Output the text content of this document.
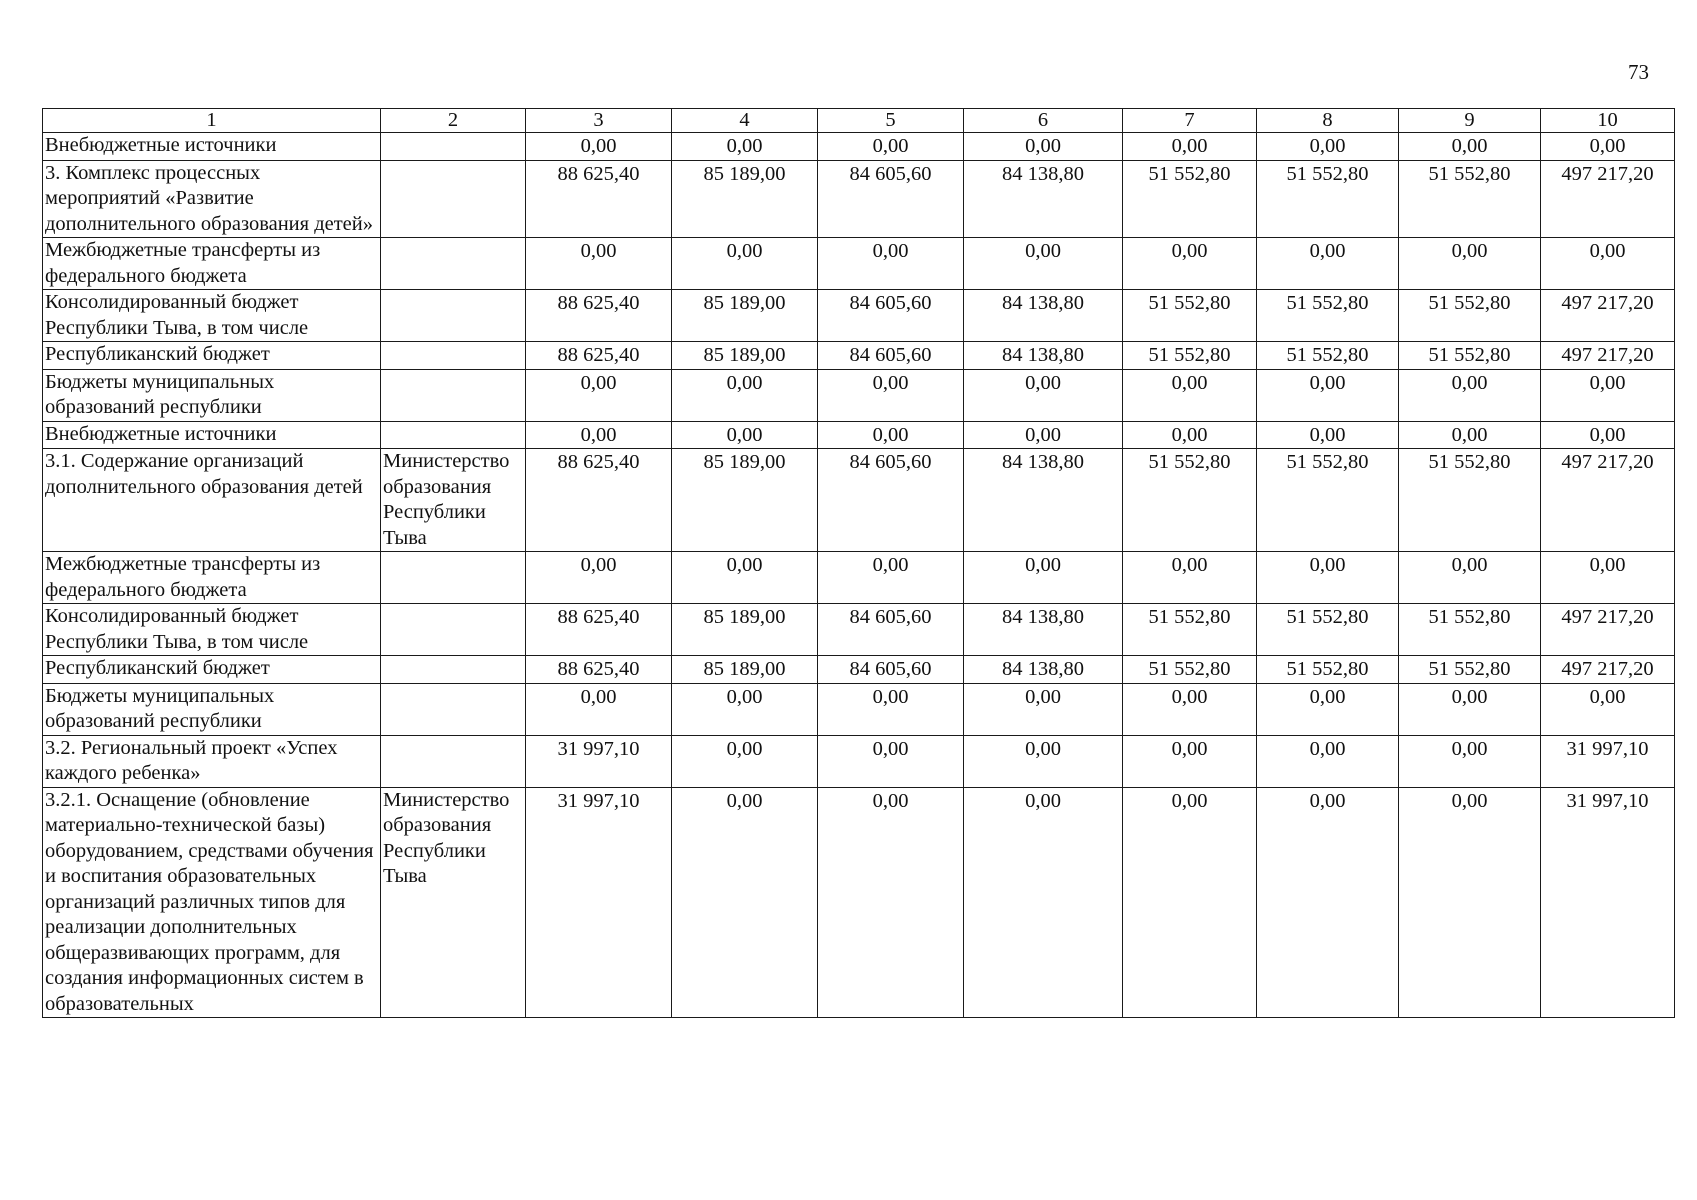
73
1	2	3	4	5	6	7	8	9	10
Внебюджетные источники		0,00	0,00	0,00	0,00	0,00	0,00	0,00	0,00
3. Комплекс процессных мероприятий «Развитие дополнительного образования детей»		88 625,40	85 189,00	84 605,60	84 138,80	51 552,80	51 552,80	51 552,80	497 217,20
Межбюджетные трансферты из федерального бюджета		0,00	0,00	0,00	0,00	0,00	0,00	0,00	0,00
Консолидированный бюджет Республики Тыва, в том числе		88 625,40	85 189,00	84 605,60	84 138,80	51 552,80	51 552,80	51 552,80	497 217,20
Республиканский бюджет		88 625,40	85 189,00	84 605,60	84 138,80	51 552,80	51 552,80	51 552,80	497 217,20
Бюджеты муниципальных образований республики		0,00	0,00	0,00	0,00	0,00	0,00	0,00	0,00
Внебюджетные источники		0,00	0,00	0,00	0,00	0,00	0,00	0,00	0,00
3.1. Содержание организаций дополнительного образования детей	Министерство образования Республики Тыва	88 625,40	85 189,00	84 605,60	84 138,80	51 552,80	51 552,80	51 552,80	497 217,20
Межбюджетные трансферты из федерального бюджета		0,00	0,00	0,00	0,00	0,00	0,00	0,00	0,00
Консолидированный бюджет Республики Тыва, в том числе		88 625,40	85 189,00	84 605,60	84 138,80	51 552,80	51 552,80	51 552,80	497 217,20
Республиканский бюджет		88 625,40	85 189,00	84 605,60	84 138,80	51 552,80	51 552,80	51 552,80	497 217,20
Бюджеты муниципальных образований республики		0,00	0,00	0,00	0,00	0,00	0,00	0,00	0,00
3.2. Региональный проект «Успех каждого ребенка»		31 997,10	0,00	0,00	0,00	0,00	0,00	0,00	31 997,10
3.2.1. Оснащение (обновление материально-технической базы) оборудованием, средствами обучения и воспитания образовательных организаций различных типов для реализации дополнительных общеразвивающих программ, для создания информационных систем в образовательных	Министерство образования Республики Тыва	31 997,10	0,00	0,00	0,00	0,00	0,00	0,00	31 997,10
